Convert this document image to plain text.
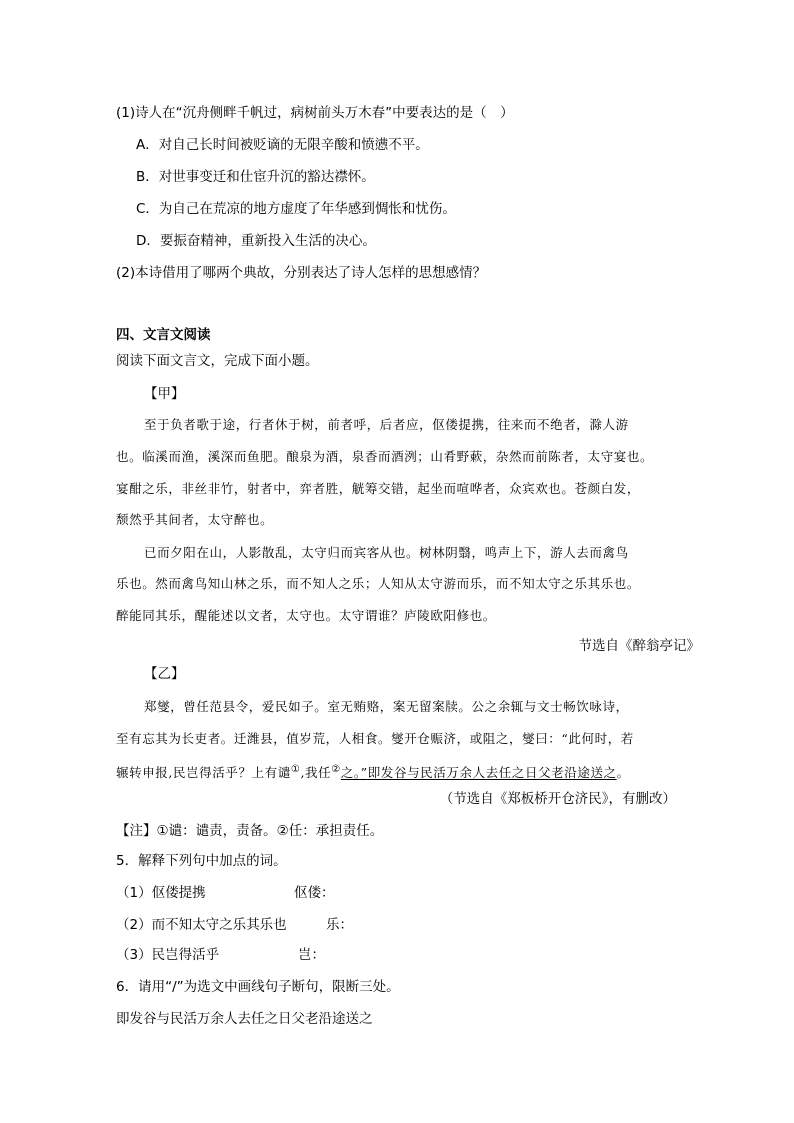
(1)诗人在“沉舟侧畔千帆过，病树前头万木春”中要表达的是（　）
A．对自己长时间被贬谪的无限辛酸和愤懑不平。
B．对世事变迁和仕宦升沉的豁达襟怀。
C．为自己在荒凉的地方虚度了年华感到惆怅和忧伤。
D．要振奋精神，重新投入生活的决心。
(2)本诗借用了哪两个典故，分别表达了诗人怎样的思想感情？
四、文言文阅读
阅读下面文言文，完成下面小题。
【甲】
至于负者歌于途，行者休于树，前者呼，后者应，伛偻提携，往来而不绝者，滁人游
也。临溪而渔，溪深而鱼肥。酿泉为酒，泉香而酒洌；山肴野蔌，杂然而前陈者，太守宴也。
宴酣之乐，非丝非竹，射者中，弈者胜，觥筹交错，起坐而喧哗者，众宾欢也。苍颜白发，
颓然乎其间者，太守醉也。
已而夕阳在山，人影散乱，太守归而宾客从也。树林阴翳，鸣声上下，游人去而禽鸟
乐也。然而禽鸟知山林之乐，而不知人之乐；人知从太守游而乐，而不知太守之乐其乐也。
醉能同其乐，醒能述以文者，太守也。太守谓谁？庐陵欧阳修也。
节选自《醉翁亭记》
【乙】
郑燮，曾任范县令，爱民如子。室无贿赂，案无留案牍。公之余辄与文士畅饮咏诗，
至有忘其为长吏者。迁潍县，值岁荒，人相食。燮开仓赈济，或阻之，燮曰：“此何时，若
辗转申报,民岂得活乎？上有谴①,我任②之。”即发谷与民活万余人去任之日父老沿途送之。
（节选自《郑板桥开仓济民》，有删改）
【注】①谴：谴责，责备。②任：承担责任。
5．解释下列句中加点的词。
（1）伛偻提携	伛偻：
（2）而不知太守之乐其乐也	乐：
（3）民岂得活乎	岂：
6．请用“/”为选文中画线句子断句，限断三处。
即发谷与民活万余人去任之日父老沿途送之
